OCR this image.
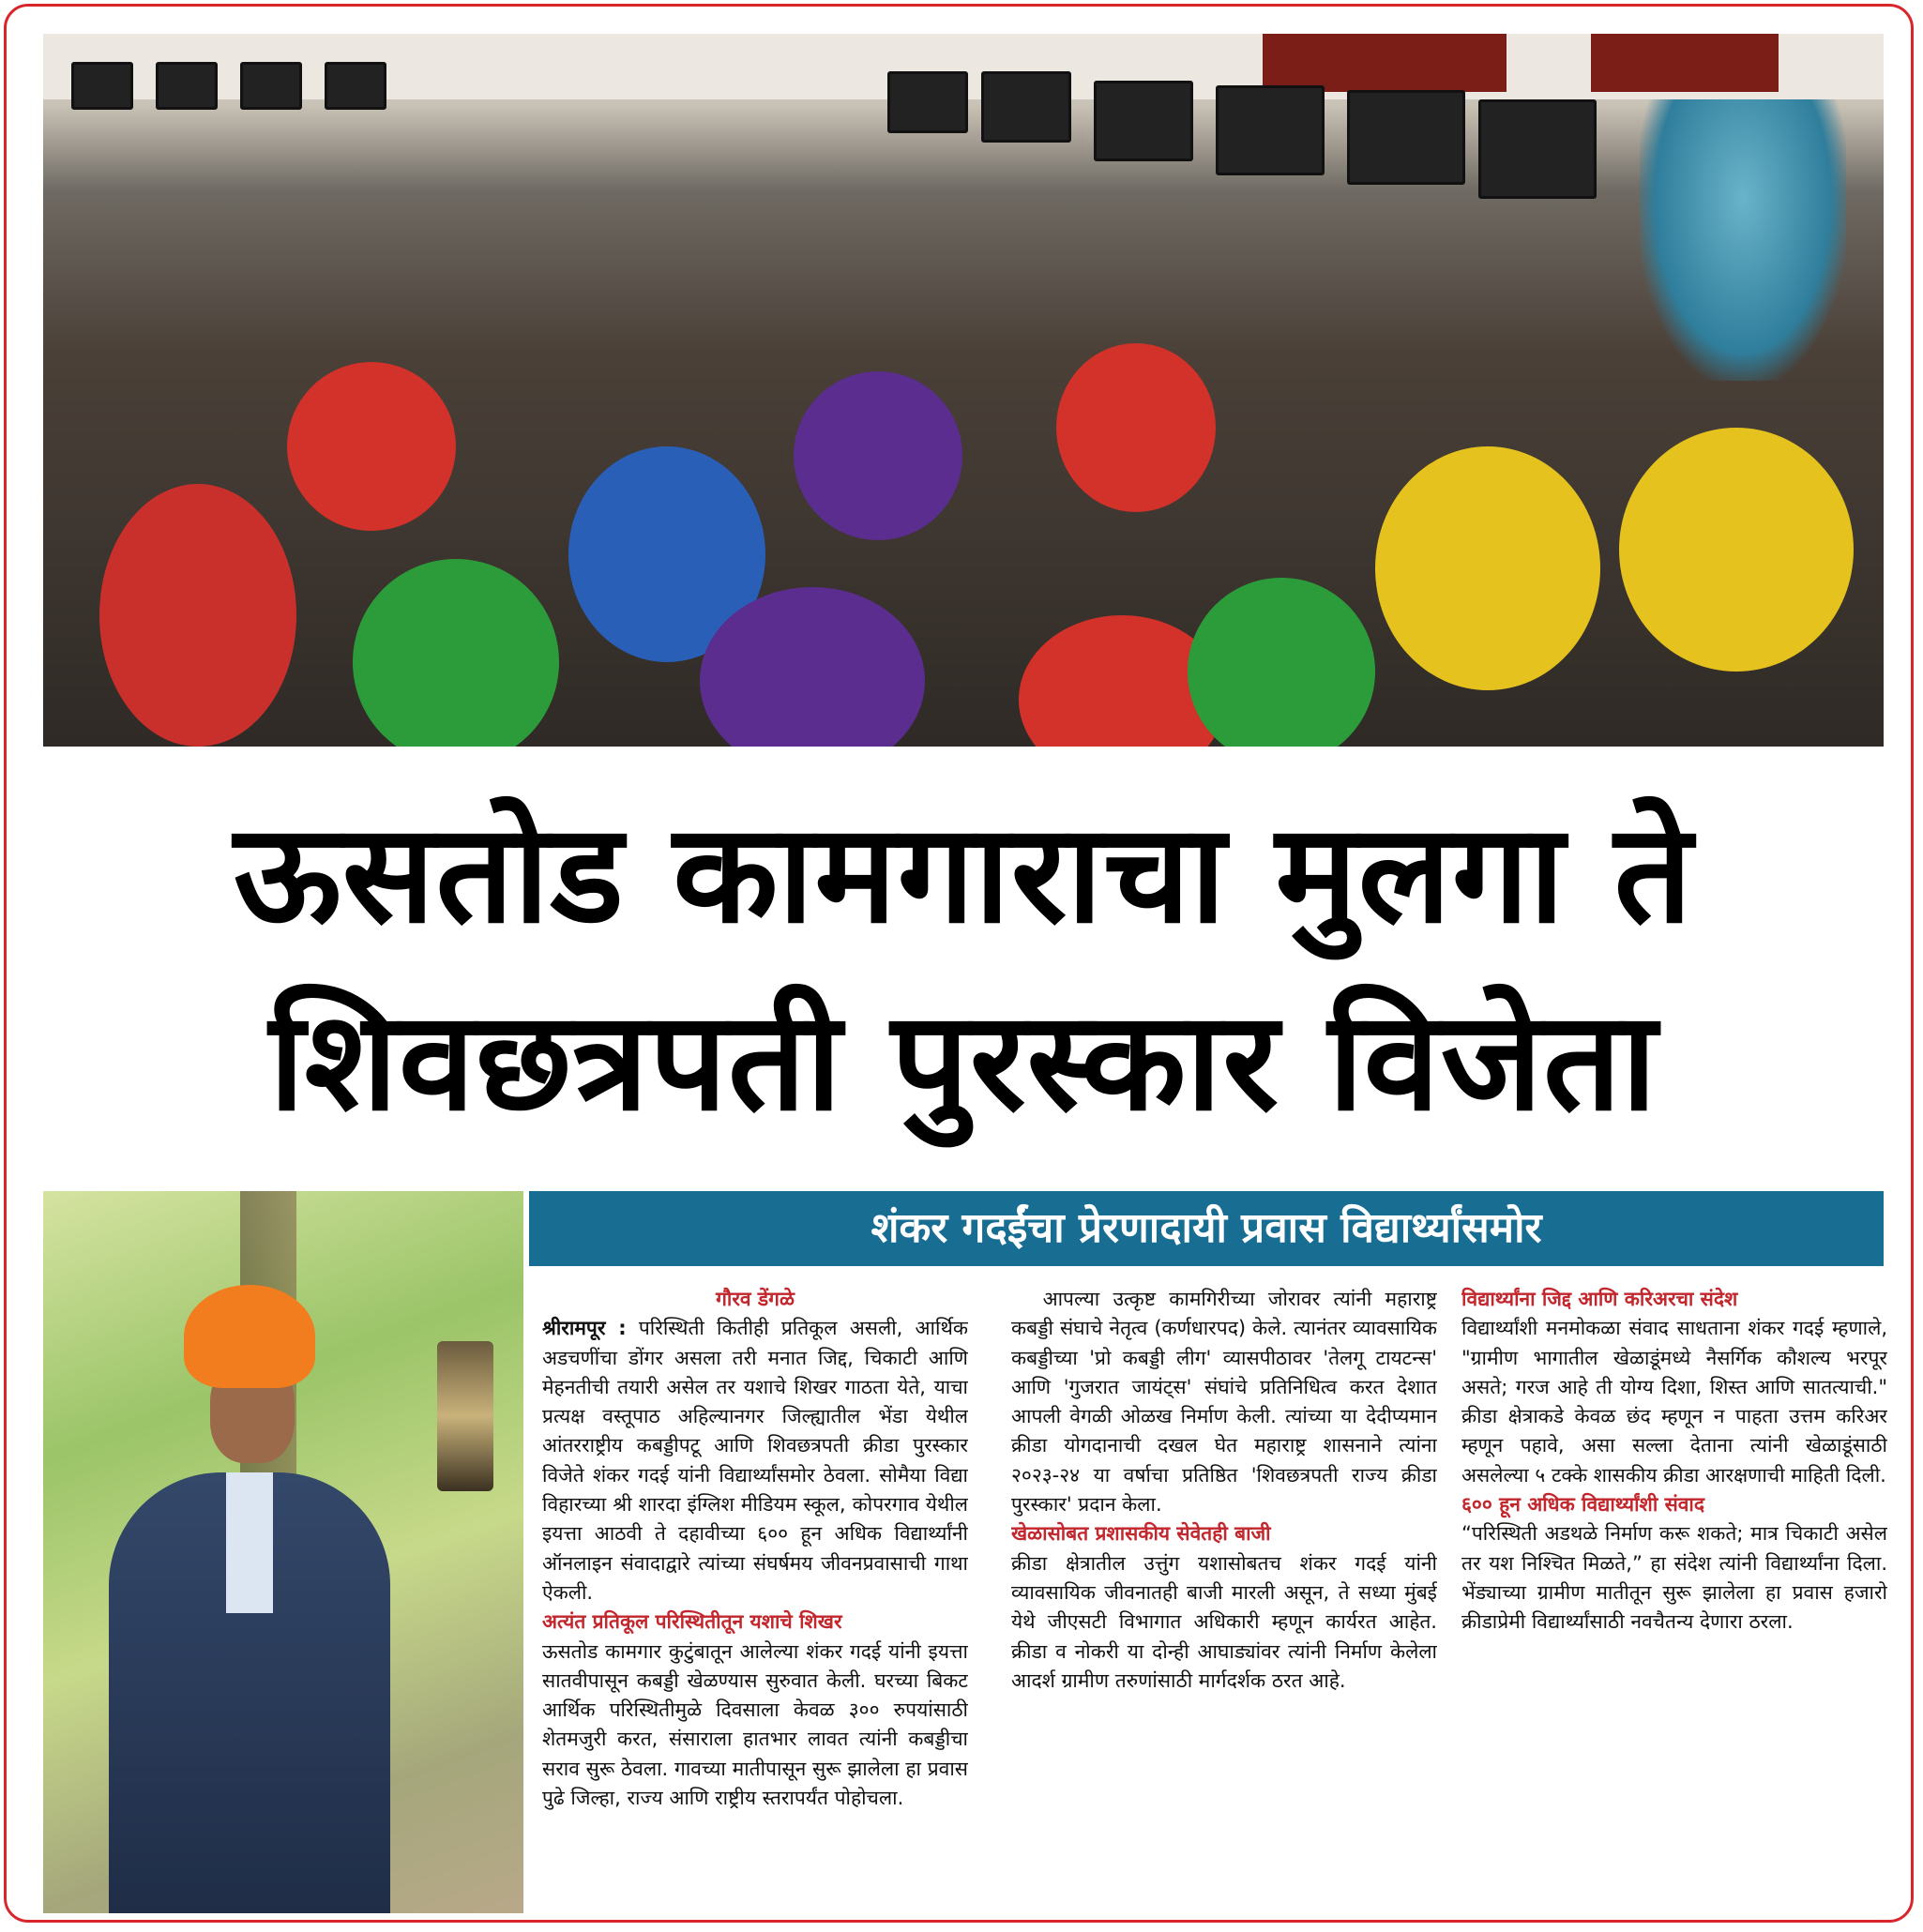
ऊसतोड कामगाराचा मुलगा ते
शिवछत्रपती पुरस्कार विजेता
शंकर गदईंचा प्रेरणादायी प्रवास विद्यार्थ्यांसमोर

गौरव डेंगळे

श्रीरामपूर : परिस्थिती कितीही प्रतिकूल असली, आर्थिक अडचणींचा डोंगर असला तरी मनात जिद्द, चिकाटी आणि मेहनतीची तयारी असेल तर यशाचे शिखर गाठता येते, याचा प्रत्यक्ष वस्तूपाठ अहिल्यानगर जिल्ह्यातील भेंडा येथील आंतरराष्ट्रीय कबड्डीपटू आणि शिवछत्रपती क्रीडा पुरस्कार विजेते शंकर गदई यांनी विद्यार्थ्यांसमोर ठेवला. सोमैया विद्या विहारच्या श्री शारदा इंग्लिश मीडियम स्कूल, कोपरगाव येथील इयत्ता आठवी ते दहावीच्या ६०० हून अधिक विद्यार्थ्यांनी ऑनलाइन संवादाद्वारे त्यांच्या संघर्षमय जीवनप्रवासाची गाथा ऐकली.

अत्यंत प्रतिकूल परिस्थितीतून यशाचे शिखर

ऊसतोड कामगार कुटुंबातून आलेल्या शंकर गदई यांनी इयत्ता सातवीपासून कबड्डी खेळण्यास सुरुवात केली. घरच्या बिकट आर्थिक परिस्थितीमुळे दिवसाला केवळ ३०० रुपयांसाठी शेतमजुरी करत, संसाराला हातभार लावत त्यांनी कबड्डीचा सराव सुरू ठेवला. गावच्या मातीपासून सुरू झालेला हा प्रवास पुढे जिल्हा, राज्य आणि राष्ट्रीय स्तरापर्यंत पोहोचला.

आपल्या उत्कृष्ट कामगिरीच्या जोरावर त्यांनी महाराष्ट्र कबड्डी संघाचे नेतृत्व (कर्णधारपद) केले. त्यानंतर व्यावसायिक कबड्डीच्या 'प्रो कबड्डी लीग' व्यासपीठावर 'तेलगू टायटन्स' आणि 'गुजरात जायंट्स' संघांचे प्रतिनिधित्व करत देशात आपली वेगळी ओळख निर्माण केली. त्यांच्या या देदीप्यमान क्रीडा योगदानाची दखल घेत महाराष्ट्र शासनाने त्यांना २०२३-२४ या वर्षाचा प्रतिष्ठित 'शिवछत्रपती राज्य क्रीडा पुरस्कार' प्रदान केला.

खेळासोबत प्रशासकीय सेवेतही बाजी

क्रीडा क्षेत्रातील उत्तुंग यशासोबतच शंकर गदई यांनी व्यावसायिक जीवनातही बाजी मारली असून, ते सध्या मुंबई येथे जीएसटी विभागात अधिकारी म्हणून कार्यरत आहेत. क्रीडा व नोकरी या दोन्ही आघाड्यांवर त्यांनी निर्माण केलेला आदर्श ग्रामीण तरुणांसाठी मार्गदर्शक ठरत आहे.

विद्यार्थ्यांना जिद्द आणि करिअरचा संदेश

विद्यार्थ्यांशी मनमोकळा संवाद साधताना शंकर गदई म्हणाले, "ग्रामीण भागातील खेळाडूंमध्ये नैसर्गिक कौशल्य भरपूर असते; गरज आहे ती योग्य दिशा, शिस्त आणि सातत्याची." क्रीडा क्षेत्राकडे केवळ छंद म्हणून न पाहता उत्तम करिअर म्हणून पहावे, असा सल्ला देताना त्यांनी खेळाडूंसाठी असलेल्या ५ टक्के शासकीय क्रीडा आरक्षणाची माहिती दिली.

६०० हून अधिक विद्यार्थ्यांशी संवाद

“परिस्थिती अडथळे निर्माण करू शकते; मात्र चिकाटी असेल तर यश निश्चित मिळते,” हा संदेश त्यांनी विद्यार्थ्यांना दिला. भेंड्याच्या ग्रामीण मातीतून सुरू झालेला हा प्रवास हजारो क्रीडाप्रेमी विद्यार्थ्यांसाठी नवचैतन्य देणारा ठरला.
